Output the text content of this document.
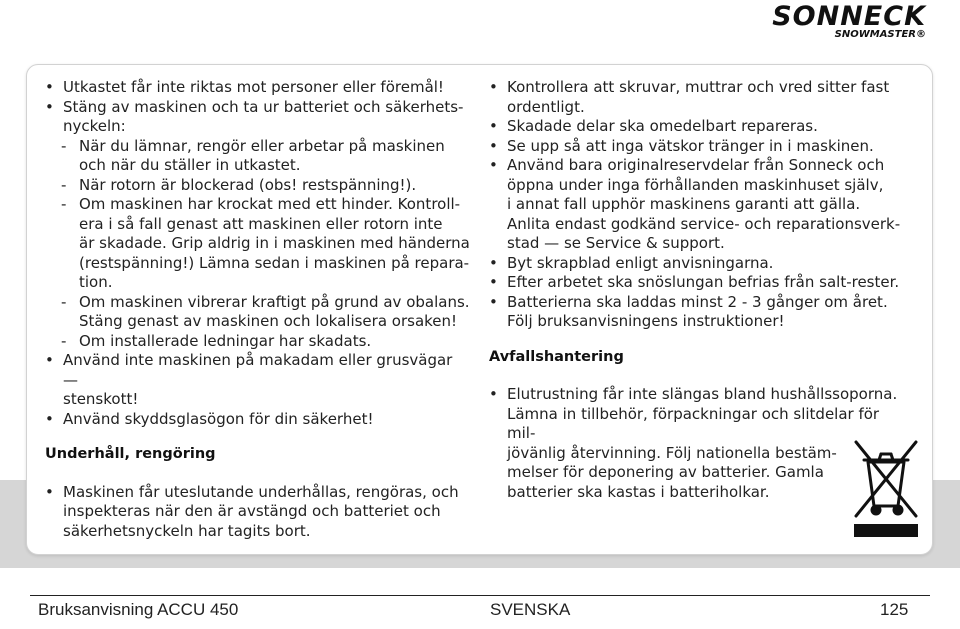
SONNECK
SNOWMASTER®
• Utkastet får inte riktas mot personer eller föremål!
• Stäng av maskinen och ta ur batteriet och säkerhets-
nyckeln:
- När du lämnar, rengör eller arbetar på maskinen
och när du ställer in utkastet.
- När rotorn är blockerad (obs! restspänning!).
- Om maskinen har krockat med ett hinder. Kontroll-
era i så fall genast att maskinen eller rotorn inte
är skadade. Grip aldrig in i maskinen med händerna
(restspänning!) Lämna sedan i maskinen på repara-
tion.
- Om maskinen vibrerar kraftigt på grund av obalans.
Stäng genast av maskinen och lokalisera orsaken!
- Om installerade ledningar har skadats.
• Använd inte maskinen på makadam eller grusvägar —
stenskott!
• Använd skyddsglasögon för din säkerhet!
Underhåll, rengöring
• Maskinen får uteslutande underhållas, rengöras, och
inspekteras när den är avstängd och batteriet och
säkerhetsnyckeln har tagits bort.
• Kontrollera att skruvar, muttrar och vred sitter fast
ordentligt.
• Skadade delar ska omedelbart repareras.
• Se upp så att inga vätskor tränger in i maskinen.
• Använd bara originalreservdelar från Sonneck och
öppna under inga förhållanden maskinhuset själv,
i annat fall upphör maskinens garanti att gälla.
Anlita endast godkänd service- och reparationsverk-
stad — se Service & support.
• Byt skrapblad enligt anvisningarna.
• Efter arbetet ska snöslungan befrias från salt-rester.
• Batterierna ska laddas minst 2 - 3 gånger om året.
Följ bruksanvisningens instruktioner!
Avfallshantering
• Elutrustning får inte slängas bland hushållssoporna.
Lämna in tillbehör, förpackningar och slitdelar för mil-
jövänlig återvinning. Följ nationella bestäm-
melser för deponering av batterier. Gamla
batterier ska kastas i batteriholkar.
Bruksanvisning ACCU 450	SVENSKA	125
